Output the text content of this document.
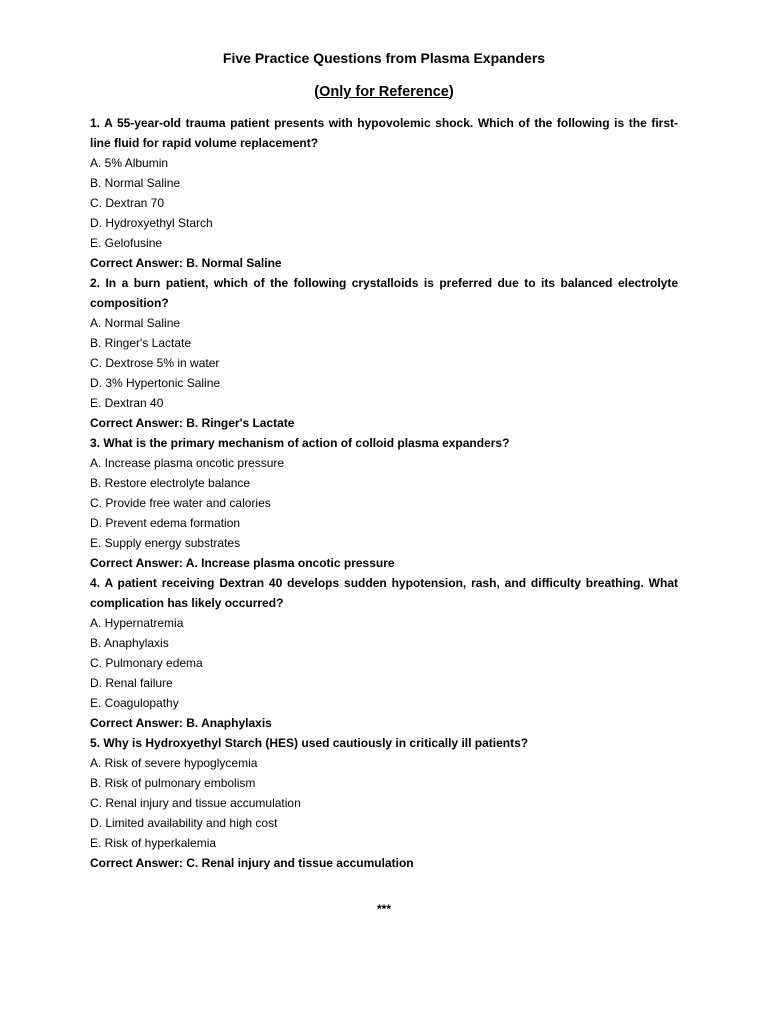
Five Practice Questions from Plasma Expanders
(Only for Reference)

1. A 55-year-old trauma patient presents with hypovolemic shock. Which of the following is the first-line fluid for rapid volume replacement?

A. 5% Albumin

B. Normal Saline

C. Dextran 70

D. Hydroxyethyl Starch

E. Gelofusine

Correct Answer: B. Normal Saline

2. In a burn patient, which of the following crystalloids is preferred due to its balanced electrolyte composition?

A. Normal Saline

B. Ringer's Lactate

C. Dextrose 5% in water

D. 3% Hypertonic Saline

E. Dextran 40

Correct Answer: B. Ringer's Lactate

3. What is the primary mechanism of action of colloid plasma expanders?

A. Increase plasma oncotic pressure

B. Restore electrolyte balance

C. Provide free water and calories

D. Prevent edema formation

E. Supply energy substrates

Correct Answer: A. Increase plasma oncotic pressure

4. A patient receiving Dextran 40 develops sudden hypotension, rash, and difficulty breathing. What complication has likely occurred?

A. Hypernatremia

B. Anaphylaxis

C. Pulmonary edema

D. Renal failure

E. Coagulopathy

Correct Answer: B. Anaphylaxis

5. Why is Hydroxyethyl Starch (HES) used cautiously in critically ill patients?

A. Risk of severe hypoglycemia

B. Risk of pulmonary embolism

C. Renal injury and tissue accumulation

D. Limited availability and high cost

E. Risk of hyperkalemia

Correct Answer: C. Renal injury and tissue accumulation

***
